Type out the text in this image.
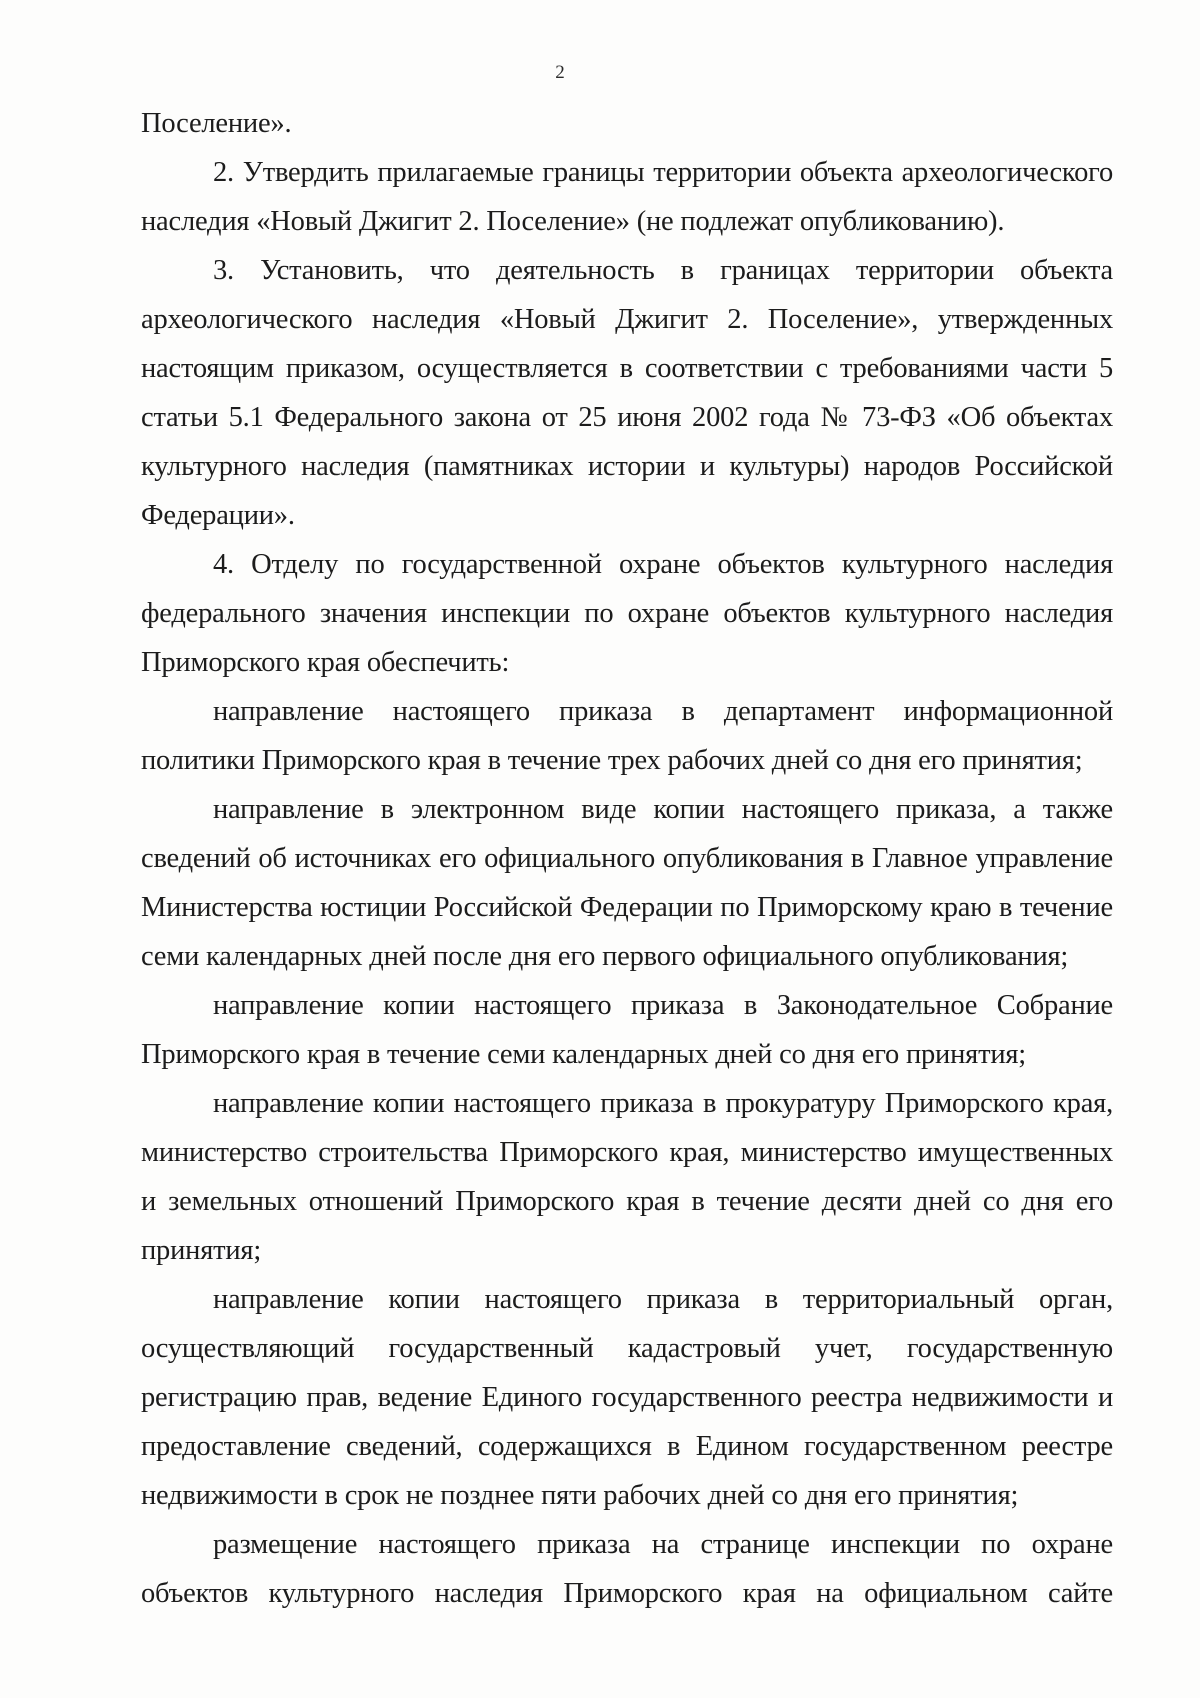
2

Поселение».

2. Утвердить прилагаемые границы территории объекта археологического наследия «Новый Джигит 2. Поселение» (не подлежат опубликованию).

3. Установить, что деятельность в границах территории объекта археологического наследия «Новый Джигит 2. Поселение», утвержденных настоящим приказом, осуществляется в соответствии с требованиями части 5 статьи 5.1 Федерального закона от 25 июня 2002 года № 73-ФЗ «Об объектах культурного наследия (памятниках истории и культуры) народов Российской Федерации».

4. Отделу по государственной охране объектов культурного наследия федерального значения инспекции по охране объектов культурного наследия Приморского края обеспечить:

направление настоящего приказа в департамент информационной политики Приморского края в течение трех рабочих дней со дня его принятия;

направление в электронном виде копии настоящего приказа, а также сведений об источниках его официального опубликования в Главное управление Министерства юстиции Российской Федерации по Приморскому краю в течение семи календарных дней после дня его первого официального опубликования;

направление копии настоящего приказа в Законодательное Собрание Приморского края в течение семи календарных дней со дня его принятия;

направление копии настоящего приказа в прокуратуру Приморского края, министерство строительства Приморского края, министерство имущественных и земельных отношений Приморского края в течение десяти дней со дня его принятия;

направление копии настоящего приказа в территориальный орган, осуществляющий государственный кадастровый учет, государственную регистрацию прав, ведение Единого государственного реестра недвижимости и предоставление сведений, содержащихся в Едином государственном реестре недвижимости в срок не позднее пяти рабочих дней со дня его принятия;

размещение настоящего приказа на странице инспекции по охране объектов культурного наследия Приморского края на официальном сайте
